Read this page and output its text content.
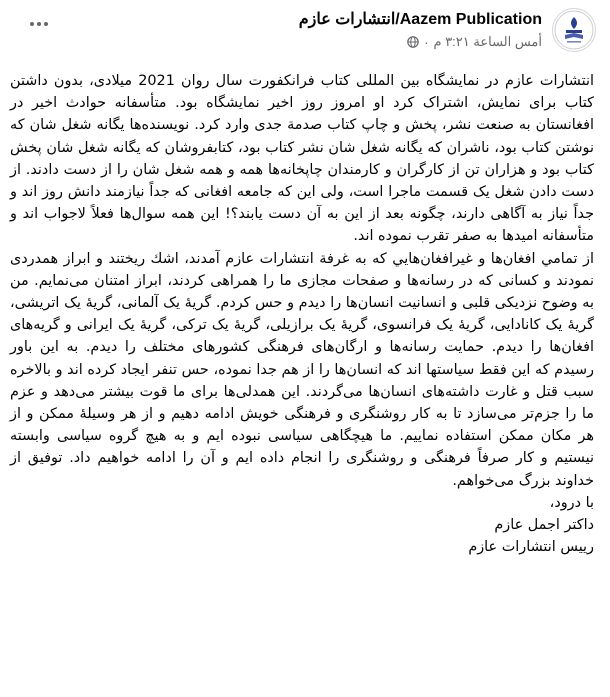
Aazem Publication/انتشارات عازم
أمس الساعة ٣:٢١ م
·

انتشارات عازم در نمایشگاه بین المللی کتاب فرانکفورت سال روان 2021 میلادی، بدون داشتن کتاب برای نمایش، اشتراک کرد او امروز روز اخیر نمایشگاه بود. متأسفانه حوادث اخیر در افغانستان به صنعت نشر، پخش و چاپ کتاب صدمة جدی وارد کرد. نویسنده‌ها یگانه شغل شان که نوشتن کتاب بود، ناشران که یگانه شغل شان نشر کتاب بود، کتابفروشان که یگانه شغل شان پخش کتاب بود و هزاران تن از کارگران و کارمندان چاپخانه‌ها همه و همه شغل شان را از دست دادند. از دست دادن شغل یک قسمت ماجرا است، ولی این که جامعه افغانی که جداً نیازمند دانش روز اند و جداً نیاز به آگاهی دارند، چگونه بعد از این به آن دست یابند؟! این همه سوال‌ها فعلاً لاجواب اند و متأسفانه امیدها به صفر تقرب نموده اند.

از تمامي افغان‌ها و غيرافغان‌هايي كه به غرفة انتشارات عازم آمدند، اشك ريختند و ابراز همدردى نمودند و كسانى كه در رسانه‌ها و صفحات مجازى ما را همراهى كردند، ابراز امتنان مى‌نمايم. من به وضوح نزديكى قلبى و انسانيت انسان‌ها را ديدم و حس كردم. گريهٔ یک آلمانی، گریهٔ یک اتریشی، گریهٔ یک کانادایی، گریهٔ یک فرانسوی، گریهٔ یک برازیلی، گریهٔ یک ترکی، گریهٔ یک ایرانی و گریه‌های افغان‌ها را دیدم. حمایت رسانه‌ها و ارگان‌های فرهنگی کشورهای مختلف را دیدم. به این باور رسیدم که این فقط سیاستها اند که انسان‌ها را از هم جدا نموده، حس تنفر ایجاد کرده اند و بالاخره سبب قتل و غارت داشته‌های انسان‌ها می‌گردند. این همدلی‌ها برای ما قوت بیشتر می‌دهد و عزم ما را جزم‌تر می‌سازد تا به کار روشنگری و فرهنگی خویش ادامه دهیم و از هر وسیلهٔ ممکن و از هر مکان ممکن استفاده نماییم. ما هیچگاهی سیاسی نبوده ایم و به هیچ گروه سیاسی وابسته نیستیم و کار صرفاً فرهنگی و روشنگری را انجام داده ایم و آن را ادامه خواهیم داد. توفیق از خداوند بزرگ می‌خواهم.

با درود،

داکتر اجمل عازم

رییس انتشارات عازم
